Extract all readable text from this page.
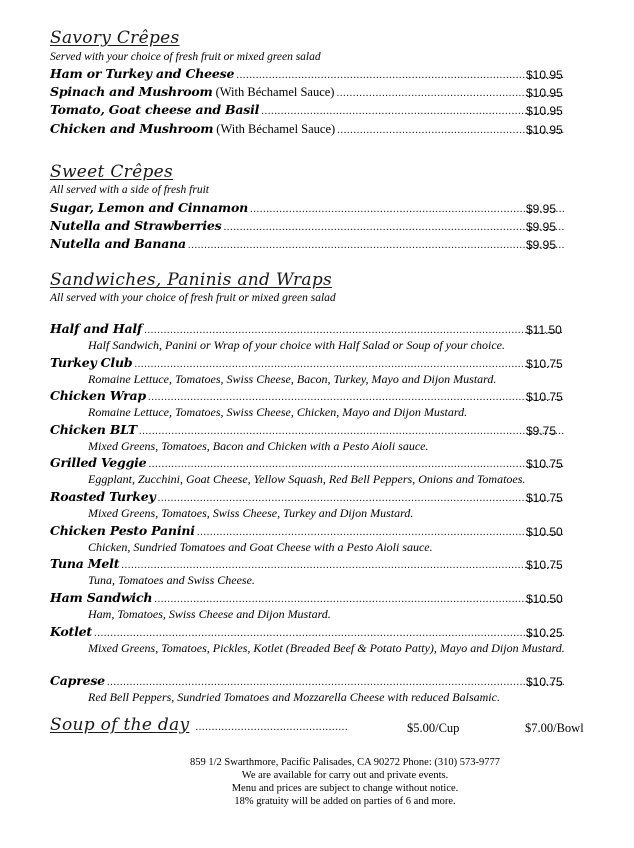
Savory Crêpes
Served with your choice of fresh fruit or mixed green salad
Ham or Turkey and Cheese .....	$10.95
Spinach and Mushroom (With Béchamel Sauce) .....	$10.95
Tomato, Goat cheese and Basil .....	$10.95
Chicken and Mushroom (With Béchamel Sauce) .....	$10.95
Sweet Crêpes
All served with a side of fresh fruit
Sugar, Lemon and Cinnamon .....	$9.95
Nutella and Strawberries .....	$9.95
Nutella and Banana .....	$9.95
Sandwiches, Paninis and Wraps
All served with your choice of fresh fruit or mixed green salad
Half and Half .....	$11.50
Half Sandwich, Panini or Wrap of your choice with Half Salad or Soup of your choice.
Turkey Club .....	$10.75
Romaine Lettuce, Tomatoes, Swiss Cheese, Bacon, Turkey, Mayo and Dijon Mustard.
Chicken Wrap .....	$10.75
Romaine Lettuce, Tomatoes, Swiss Cheese, Chicken, Mayo and Dijon Mustard.
Chicken BLT .....	$9.75
Mixed Greens, Tomatoes, Bacon and Chicken with a Pesto Aioli sauce.
Grilled Veggie .....	$10.75
Eggplant, Zucchini, Goat Cheese, Yellow Squash, Red Bell Peppers, Onions and Tomatoes.
Roasted Turkey .....	$10.75
Mixed Greens, Tomatoes, Swiss Cheese, Turkey and Dijon Mustard.
Chicken Pesto Panini .....	$10.50
Chicken, Sundried Tomatoes and Goat Cheese with a Pesto Aioli sauce.
Tuna Melt .....	$10.75
Tuna, Tomatoes and Swiss Cheese.
Ham Sandwich .....	$10.50
Ham, Tomatoes, Swiss Cheese and Dijon Mustard.
Kotlet .....	$10.25
Mixed Greens, Tomatoes, Pickles, Kotlet (Breaded Beef & Potato Patty), Mayo and Dijon Mustard.
Caprese .....	$10.75
Red Bell Peppers, Sundried Tomatoes and Mozzarella Cheese with reduced Balsamic.
Soup of the day .....	$5.00/Cup	$7.00/Bowl
859 1/2 Swarthmore, Pacific Palisades, CA 90272 Phone: (310) 573-9777
We are available for carry out and private events.
Menu and prices are subject to change without notice.
18% gratuity will be added on parties of 6 and more.
